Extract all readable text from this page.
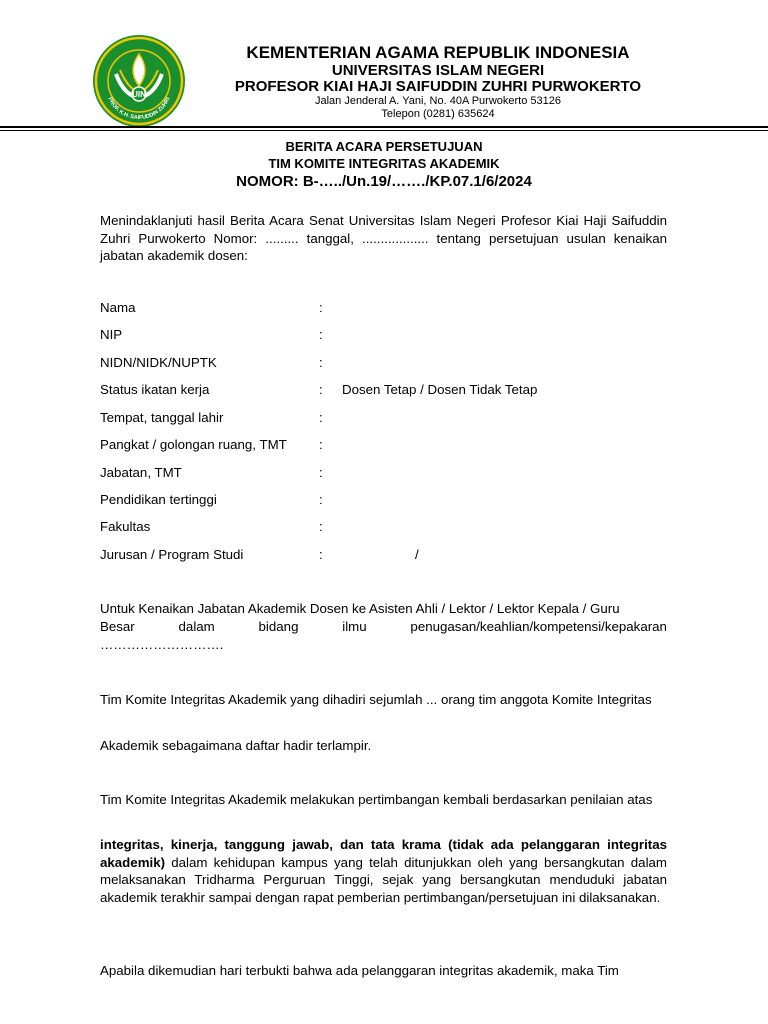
UIN
PROF. K.H. SAIFUDDIN ZUHRI
KEMENTERIAN AGAMA REPUBLIK INDONESIA
UNIVERSITAS ISLAM NEGERI
PROFESOR KIAI HAJI SAIFUDDIN ZUHRI PURWOKERTO
Jalan Jenderal A. Yani, No. 40A Purwokerto 53126
Telepon (0281) 635624
BERITA ACARA PERSETUJUAN
TIM KOMITE INTEGRITAS AKADEMIK
NOMOR: B-…../Un.19/……./KP.07.1/6/2024
Menindaklanjuti hasil Berita Acara Senat Universitas Islam Negeri Profesor Kiai Haji Saifuddin Zuhri Purwokerto Nomor: ......... tanggal, .................. tentang persetujuan usulan kenaikan jabatan akademik dosen:
Nama	:
NIP	:
NIDN/NIDK/NUPTK	:
Status ikatan kerja	: Dosen Tetap / Dosen Tidak Tetap
Tempat, tanggal lahir	:
Pangkat / golongan ruang, TMT :
Jabatan, TMT	:
Pendidikan tertinggi	:
Fakultas	:
Jurusan / Program Studi	:	/
Untuk Kenaikan Jabatan Akademik Dosen ke Asisten Ahli / Lektor / Lektor Kepala / Guru
Besar	dalam	bidang	ilmu	penugasan/keahlian/kompetensi/kepakaran
……………………….
Tim Komite Integritas Akademik yang dihadiri sejumlah ... orang tim anggota Komite Integritas
Akademik sebagaimana daftar hadir terlampir.
Tim Komite Integritas Akademik melakukan pertimbangan kembali berdasarkan penilaian atas
integritas, kinerja, tanggung jawab, dan tata krama (tidak ada pelanggaran integritas akademik) dalam kehidupan kampus yang telah ditunjukkan oleh yang bersangkutan dalam melaksanakan Tridharma Perguruan Tinggi, sejak yang bersangkutan menduduki jabatan akademik terakhir sampai dengan rapat pemberian pertimbangan/persetujuan ini dilaksanakan.
Apabila dikemudian hari terbukti bahwa ada pelanggaran integritas akademik, maka Tim
